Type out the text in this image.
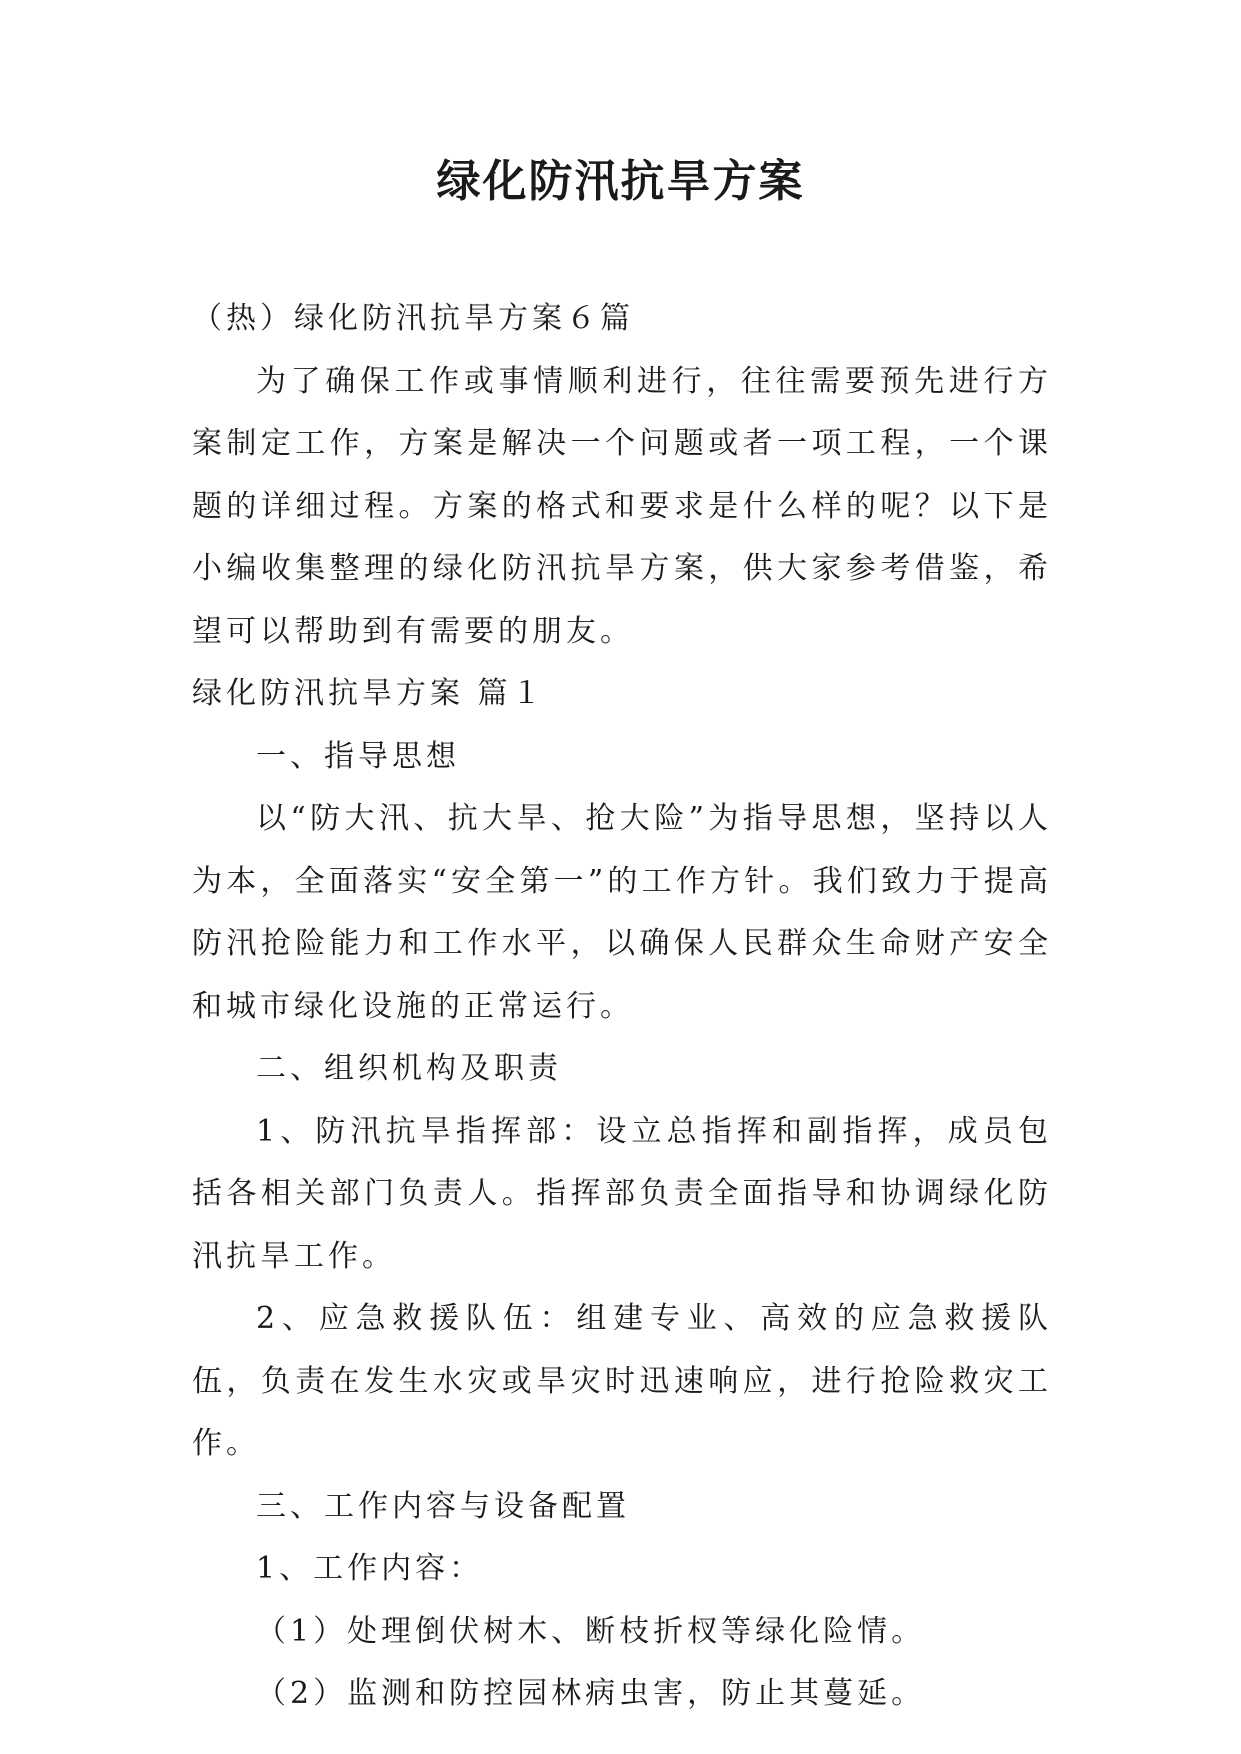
绿化防汛抗旱方案

（热）绿化防汛抗旱方案６篇

为了确保工作或事情顺利进行，往往需要预先进行方案制定工作，方案是解决一个问题或者一项工程，一个课题的详细过程。方案的格式和要求是什么样的呢？以下是小编收集整理的绿化防汛抗旱方案，供大家参考借鉴，希望可以帮助到有需要的朋友。

绿化防汛抗旱方案 篇１

一、指导思想

以“防大汛、抗大旱、抢大险”为指导思想，坚持以人为本，全面落实“安全第一”的工作方针。我们致力于提高防汛抢险能力和工作水平，以确保人民群众生命财产安全和城市绿化设施的正常运行。

二、组织机构及职责

1、防汛抗旱指挥部：设立总指挥和副指挥，成员包括各相关部门负责人。指挥部负责全面指导和协调绿化防汛抗旱工作。

2、应急救援队伍：组建专业、高效的应急救援队伍，负责在发生水灾或旱灾时迅速响应，进行抢险救灾工作。

三、工作内容与设备配置

1、工作内容：

（1）处理倒伏树木、断枝折杈等绿化险情。

（2）监测和防控园林病虫害，防止其蔓延。
